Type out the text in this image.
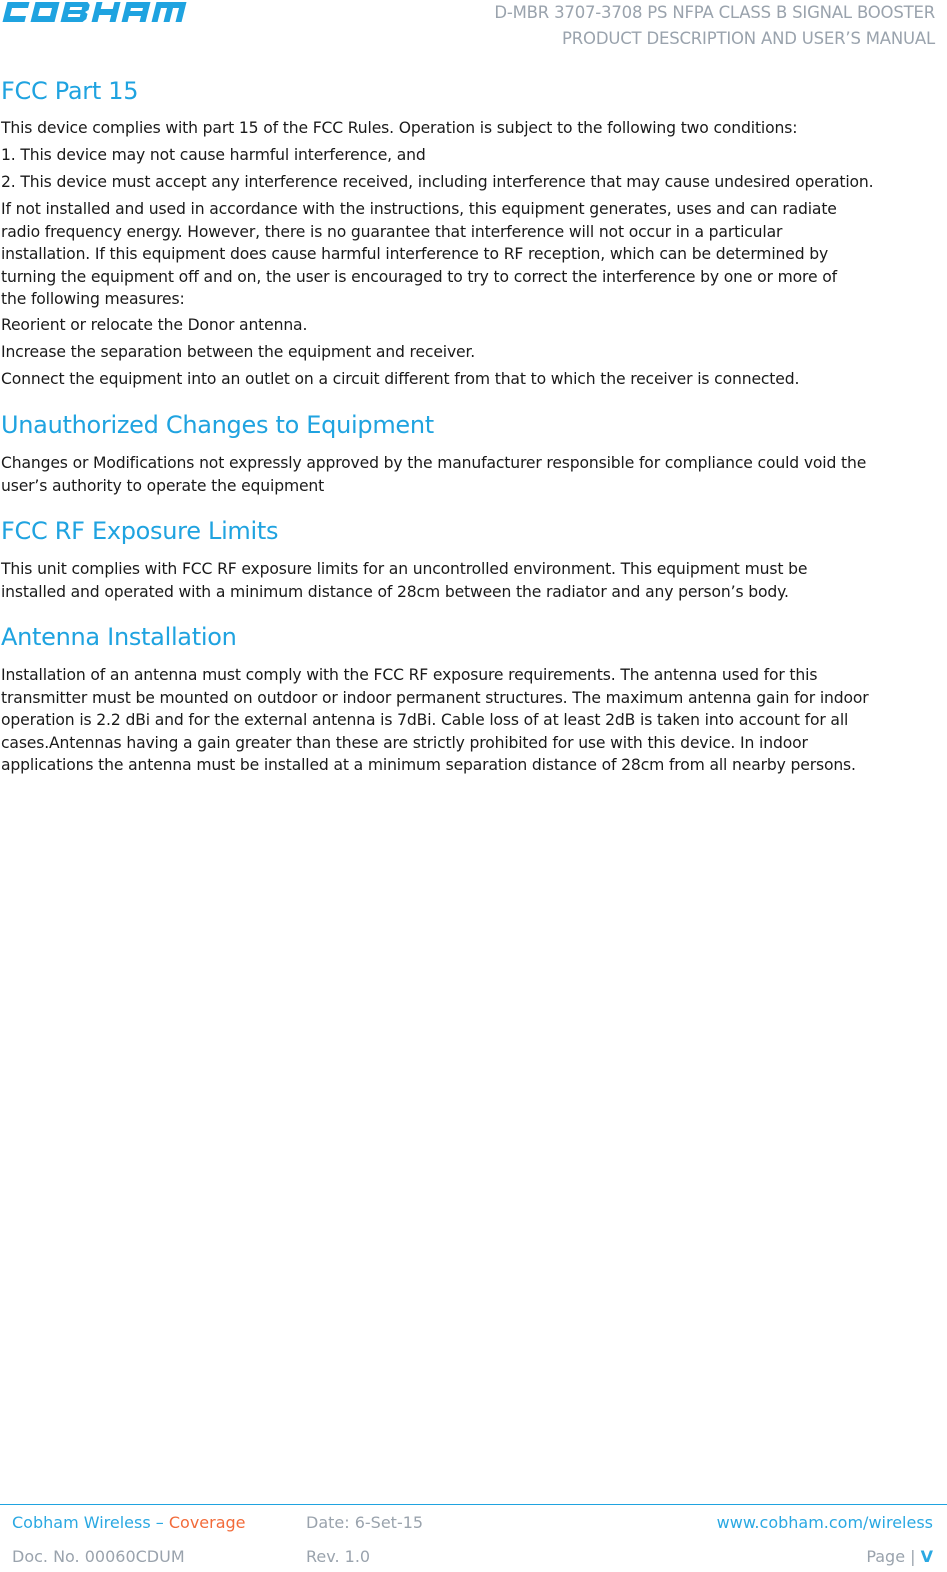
D-MBR 3707-3708 PS NFPA CLASS B SIGNAL BOOSTER
PRODUCT DESCRIPTION AND USER’S MANUAL
FCC Part 15

This device complies with part 15 of the FCC Rules. Operation is subject to the following two conditions:

1. This device may not cause harmful interference, and

2. This device must accept any interference received, including interference that may cause undesired operation.

If not installed and used in accordance with the instructions, this equipment generates, uses and can radiate

radio frequency energy. However, there is no guarantee that interference will not occur in a particular

installation. If this equipment does cause harmful interference to RF reception, which can be determined by

turning the equipment off and on, the user is encouraged to try to correct the interference by one or more of

the following measures:

Reorient or relocate the Donor antenna.

Increase the separation between the equipment and receiver.

Connect the equipment into an outlet on a circuit different from that to which the receiver is connected.

Unauthorized Changes to Equipment

Changes or Modifications not expressly approved by the manufacturer responsible for compliance could void the

user’s authority to operate the equipment

FCC RF Exposure Limits

This unit complies with FCC RF exposure limits for an uncontrolled environment. This equipment must be

installed and operated with a minimum distance of 28cm between the radiator and any person’s body.

Antenna Installation

Installation of an antenna must comply with the FCC RF exposure requirements. The antenna used for this

transmitter must be mounted on outdoor or indoor permanent structures. The maximum antenna gain for indoor

operation is 2.2 dBi and for the external antenna is 7dBi. Cable loss of at least 2dB is taken into account for all

cases.Antennas having a gain greater than these are strictly prohibited for use with this device. In indoor

applications the antenna must be installed at a minimum separation distance of 28cm from all nearby persons.

Cobham Wireless – Coverage	Date: 6-Set-15	www.cobham.com/wireless
Doc. No. 00060CDUM	Rev. 1.0	Page | V
